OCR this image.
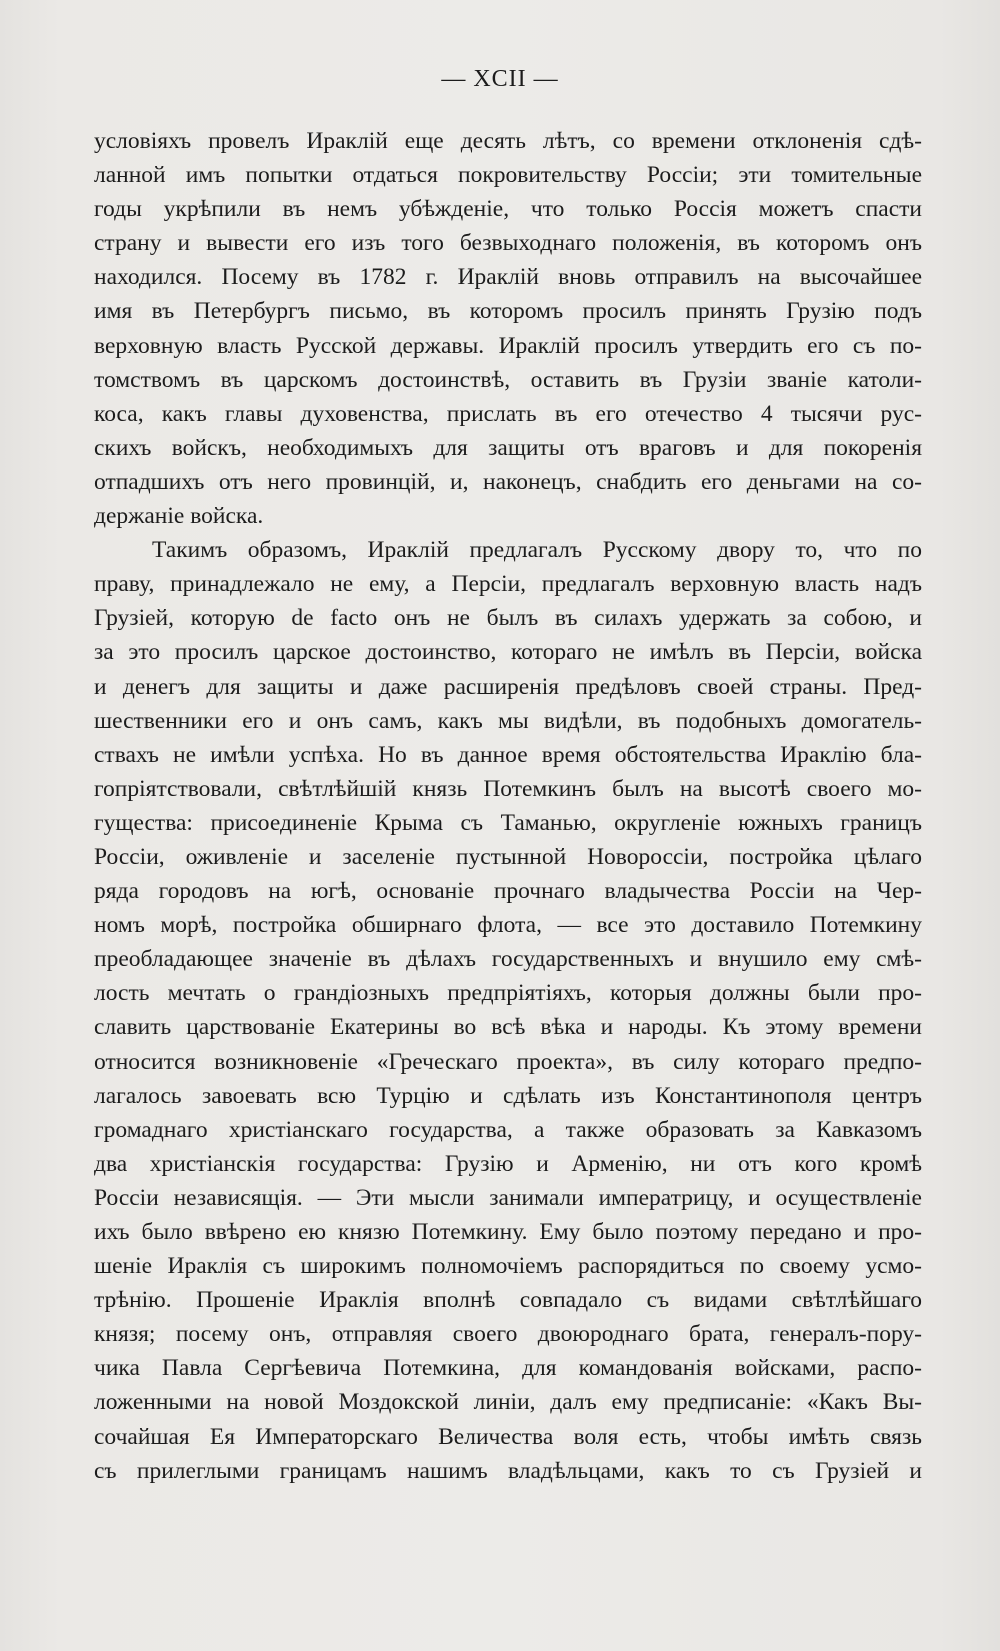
— XCII —
условіяхъ провелъ Ираклій еще десять лѣтъ, со времени отклоненія сдѣ-
ланной имъ попытки отдаться покровительству Россіи; эти томительные
годы укрѣпили въ немъ убѣжденіе, что только Россія можетъ спасти
страну и вывести его изъ того безвыходнаго положенія, въ которомъ онъ
находился. Посему въ 1782 г. Ираклій вновь отправилъ на высочайшее
имя въ Петербургъ письмо, въ которомъ просилъ принять Грузію подъ
верховную власть Русской державы. Ираклій просилъ утвердить его съ по-
томствомъ въ царскомъ достоинствѣ, оставить въ Грузіи званіе католи-
коса, какъ главы духовенства, прислать въ его отечество 4 тысячи рус-
скихъ войскъ, необходимыхъ для защиты отъ враговъ и для покоренія
отпадшихъ отъ него провинцій, и, наконецъ, снабдить его деньгами на со-
держаніе войска.
Такимъ образомъ, Ираклій предлагалъ Русскому двору то, что по
праву, принадлежало не ему, а Персіи, предлагалъ верховную власть надъ
Грузіей, которую de facto онъ не былъ въ силахъ удержать за собою, и
за это просилъ царское достоинство, котораго не имѣлъ въ Персіи, войска
и денегъ для защиты и даже расширенія предѣловъ своей страны. Пред-
шественники его и онъ самъ, какъ мы видѣли, въ подобныхъ домогатель-
ствахъ не имѣли успѣха. Но въ данное время обстоятельства Ираклію бла-
гопріятствовали, свѣтлѣйшій князь Потемкинъ былъ на высотѣ своего мо-
гущества: присоединеніе Крыма съ Таманью, округленіе южныхъ границъ
Россіи, оживленіе и заселеніе пустынной Новороссіи, постройка цѣлаго
ряда городовъ на югѣ, основаніе прочнаго владычества Россіи на Чер-
номъ морѣ, постройка обширнаго флота, — все это доставило Потемкину
преобладающее значеніе въ дѣлахъ государственныхъ и внушило ему смѣ-
лость мечтать о грандіозныхъ предпріятіяхъ, которыя должны были про-
славить царствованіе Екатерины во всѣ вѣка и народы. Къ этому времени
относится возникновеніе «Греческаго проекта», въ силу котораго предпо-
лагалось завоевать всю Турцію и сдѣлать изъ Константинополя центръ
громаднаго христіанскаго государства, а также образовать за Кавказомъ
два христіанскія государства: Грузію и Арменію, ни отъ кого кромѣ
Россіи независящія. — Эти мысли занимали императрицу, и осуществленіе
ихъ было ввѣрено ею князю Потемкину. Ему было поэтому передано и про-
шеніе Ираклія съ широкимъ полномочіемъ распорядиться по своему усмо-
трѣнію. Прошеніе Ираклія вполнѣ совпадало съ видами свѣтлѣйшаго
князя; посему онъ, отправляя своего двоюроднаго брата, генералъ-пору-
чика Павла Сергѣевича Потемкина, для командованія войсками, распо-
ложенными на новой Моздокской линіи, далъ ему предписаніе: «Какъ Вы-
сочайшая Ея Императорскаго Величества воля есть, чтобы имѣть связь
съ прилеглыми границамъ нашимъ владѣльцами, какъ то съ Грузіей и
